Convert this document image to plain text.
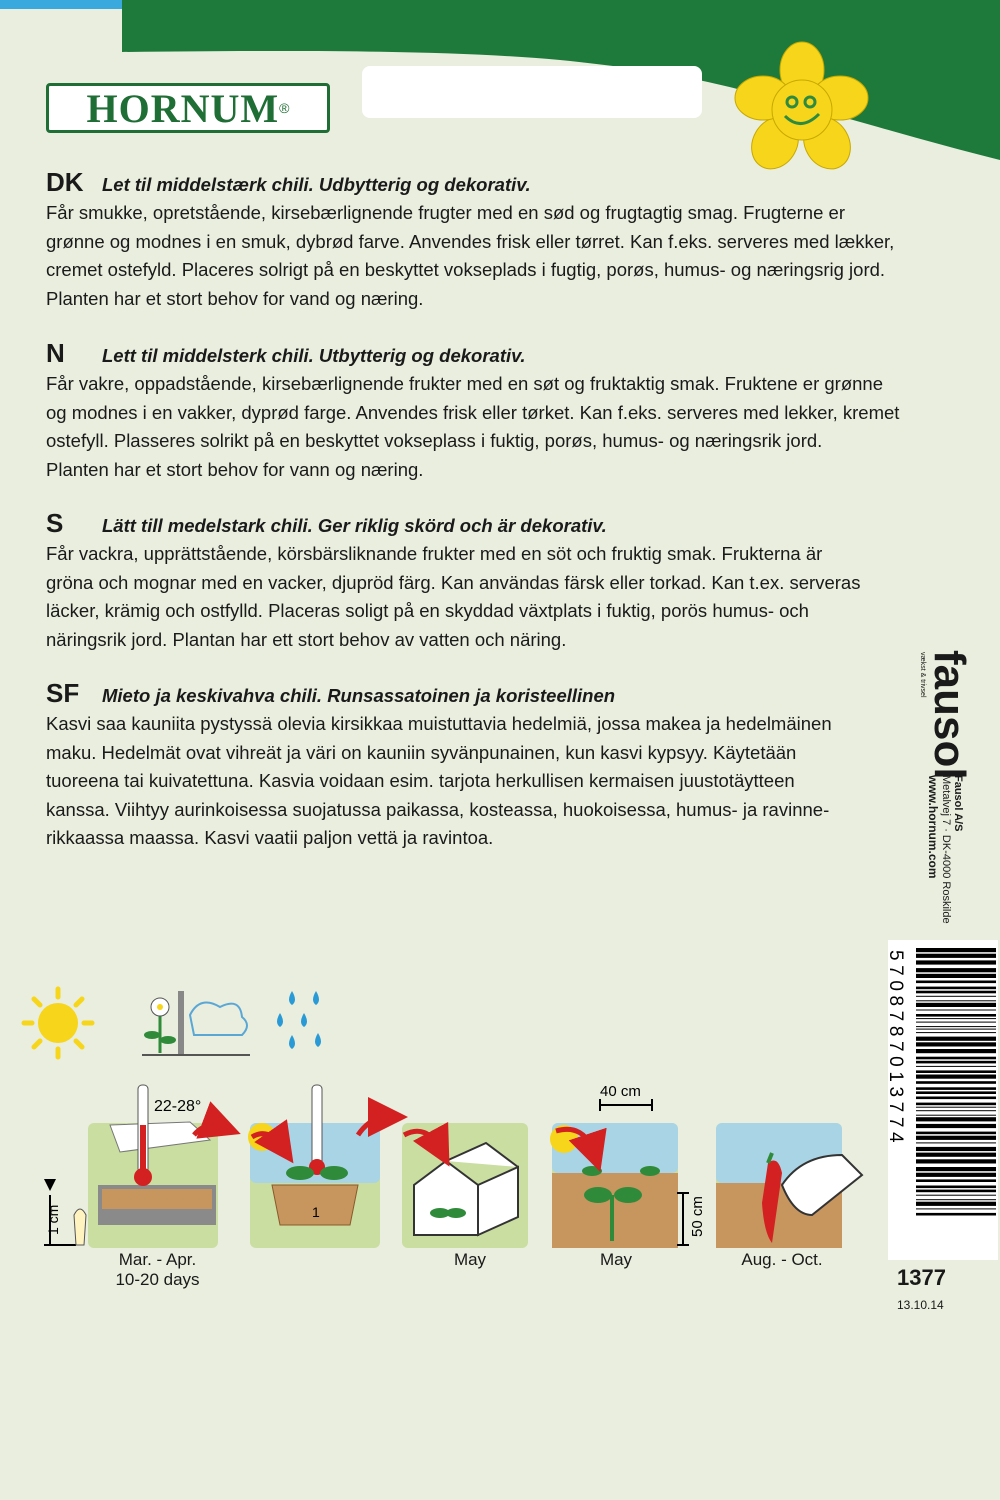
HORNUM ®
DK Let til middelstærk chili. Udbytterig og dekorativ.
Får smukke, opretstående, kirsebærlignende frugter med en sød og frugtagtig smag. Frugterne er
grønne og modnes i en smuk, dybrød farve. Anvendes frisk eller tørret. Kan f.eks. serveres med lækker,
cremet ostefyld. Placeres solrigt på en beskyttet vokseplads i fugtig, porøs, humus- og næringsrig jord.
Planten har et stort behov for vand og næring.
N	Lett til middelsterk chili. Utbytterig og dekorativ.
Får vakre, oppadstående, kirsebærlignende frukter med en søt og fruktaktig smak. Fruktene er grønne
og modnes i en vakker, dyprød farge. Anvendes frisk eller tørket. Kan f.eks. serveres med lekker, kremet
ostefyll. Plasseres solrikt på en beskyttet vokseplass i fuktig, porøs, humus- og næringsrik jord.
Planten har et stort behov for vann og næring.
S	Lätt till medelstark chili. Ger riklig skörd och är dekorativ.
Får vackra, upprättstående, körsbärsliknande frukter med en söt och fruktig smak. Frukterna är
gröna och mognar med en vacker, djupröd färg. Kan användas färsk eller torkad. Kan t.ex. serveras
läcker, krämig och ostfylld. Placeras soligt på en skyddad växtplats i fuktig, porös humus- och
näringsrik jord. Plantan har ett stort behov av vatten och näring.
SF	Mieto ja keskivahva chili. Runsassatoinen ja koristeellinen
Kasvi saa kauniita pystyssä olevia kirsikkaa muistuttavia hedelmiä, jossa makea ja hedelmäinen
maku. Hedelmät ovat vihreät ja väri on kauniin syvänpunainen, kun kasvi kypsyy. Käytetään
tuoreena tai kuivatettuna. Kasvia voidaan esim. tarjota herkullisen kermaisen juustotäytteen
kanssa. Viihtyy aurinkoisessa suojatussa paikassa, kosteassa, huokoisessa, humus- ja ravinne-
rikkaassa maassa. Kasvi vaatii paljon vettä ja ravintoa.
fausol
vækst & trivsel
Fausol A/S
Metalvej 7 · DK-4000 Roskilde
www.hornum.com
5708787013774
1377
13.10.14
22-28°
1 cm	1
40 cm
50 cm
Mar. - Apr.
10-20 days
May	May	Aug. - Oct.
